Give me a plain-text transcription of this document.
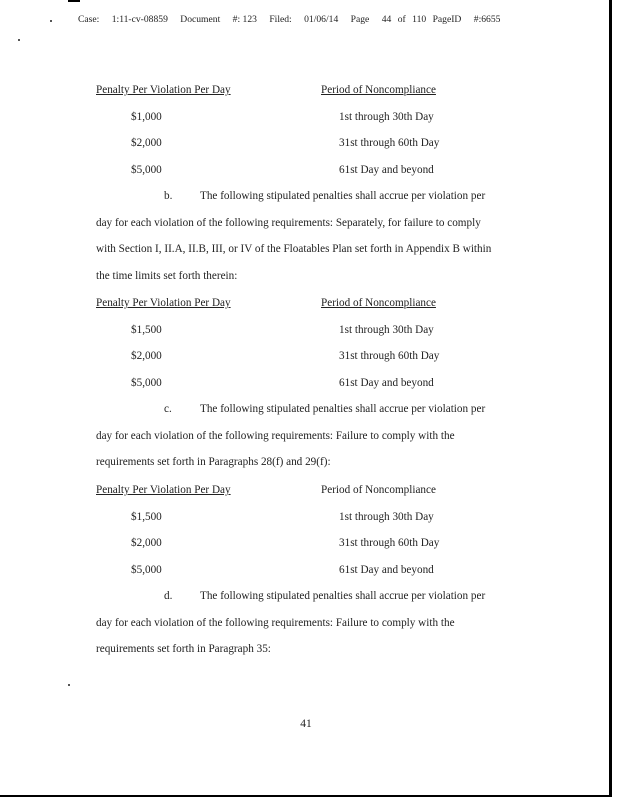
Case: 1:11-cv-08859 Document #: 123 Filed: 01/06/14 Page 44 of 110 PageID #:6655
Penalty Per Violation Per Day	Period of Noncompliance
$1,000	1st through 30th Day
$2,000	31st through 60th Day
$5,000	61st Day and beyond
b. The following stipulated penalties shall accrue per violation per
day for each violation of the following requirements: Separately, for failure to comply
with Section I, II.A, II.B, III, or IV of the Floatables Plan set forth in Appendix B within
the time limits set forth therein:
Penalty Per Violation Per Day	Period of Noncompliance
$1,500	1st through 30th Day
$2,000	31st through 60th Day
$5,000	61st Day and beyond
c.	The following stipulated penalties shall accrue per violation per
day for each violation of the following requirements: Failure to comply with the
requirements set forth in Paragraphs 28(f) and 29(f):
Penalty Per Violation Per Day	Period of Noncompliance
$1,500	1st through 30th Day
$2,000	31st through 60th Day
$5,000	61st Day and beyond
d. The following stipulated penalties shall accrue per violation per
day for each violation of the following requirements: Failure to comply with the
requirements set forth in Paragraph 35:
41
